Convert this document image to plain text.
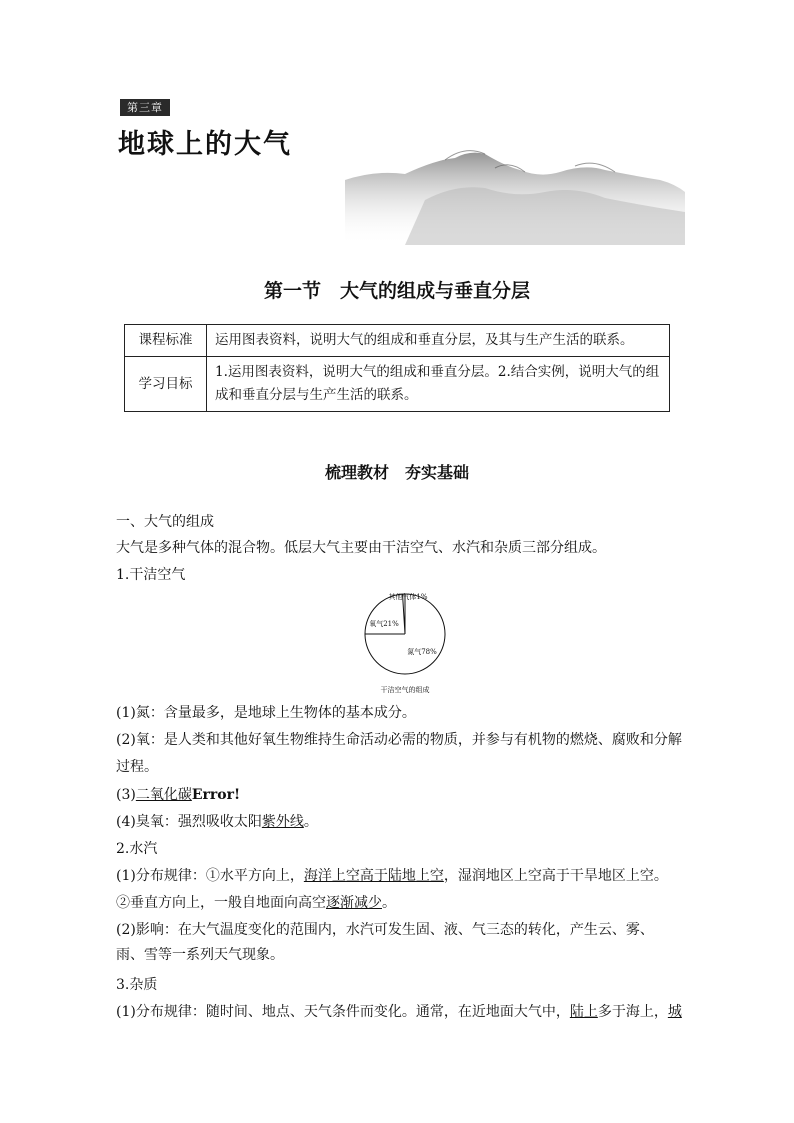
第三章
地球上的大气
第一节　大气的组成与垂直分层
课程标准	运用图表资料，说明大气的组成和垂直分层，及其与生产生活的联系。
学习目标	1.运用图表资料，说明大气的组成和垂直分层。2.结合实例，说明大气的组成和垂直分层与生产生活的联系。
梳理教材　夯实基础
一、大气的组成
大气是多种气体的混合物。低层大气主要由干洁空气、水汽和杂质三部分组成。
1.干洁空气
其他气体1%
氧气21%
氮气78%
干洁空气的组成
(1)氮：含量最多，是地球上生物体的基本成分。
(2)氧：是人类和其他好氧生物维持生命活动必需的物质，并参与有机物的燃烧、腐败和分解
过程。
(3)二氧化碳Error!
(4)臭氧：强烈吸收太阳紫外线。
2.水汽
(1)分布规律：①水平方向上，海洋上空高于陆地上空，湿润地区上空高于干旱地区上空。
②垂直方向上，一般自地面向高空逐渐减少。
(2)影响：在大气温度变化的范围内，水汽可发生固、液、气三态的转化，产生云、雾、雨、雪等一系列天气现象。
3.杂质
(1)分布规律：随时间、地点、天气条件而变化。通常，在近地面大气中，陆上多于海上，城
